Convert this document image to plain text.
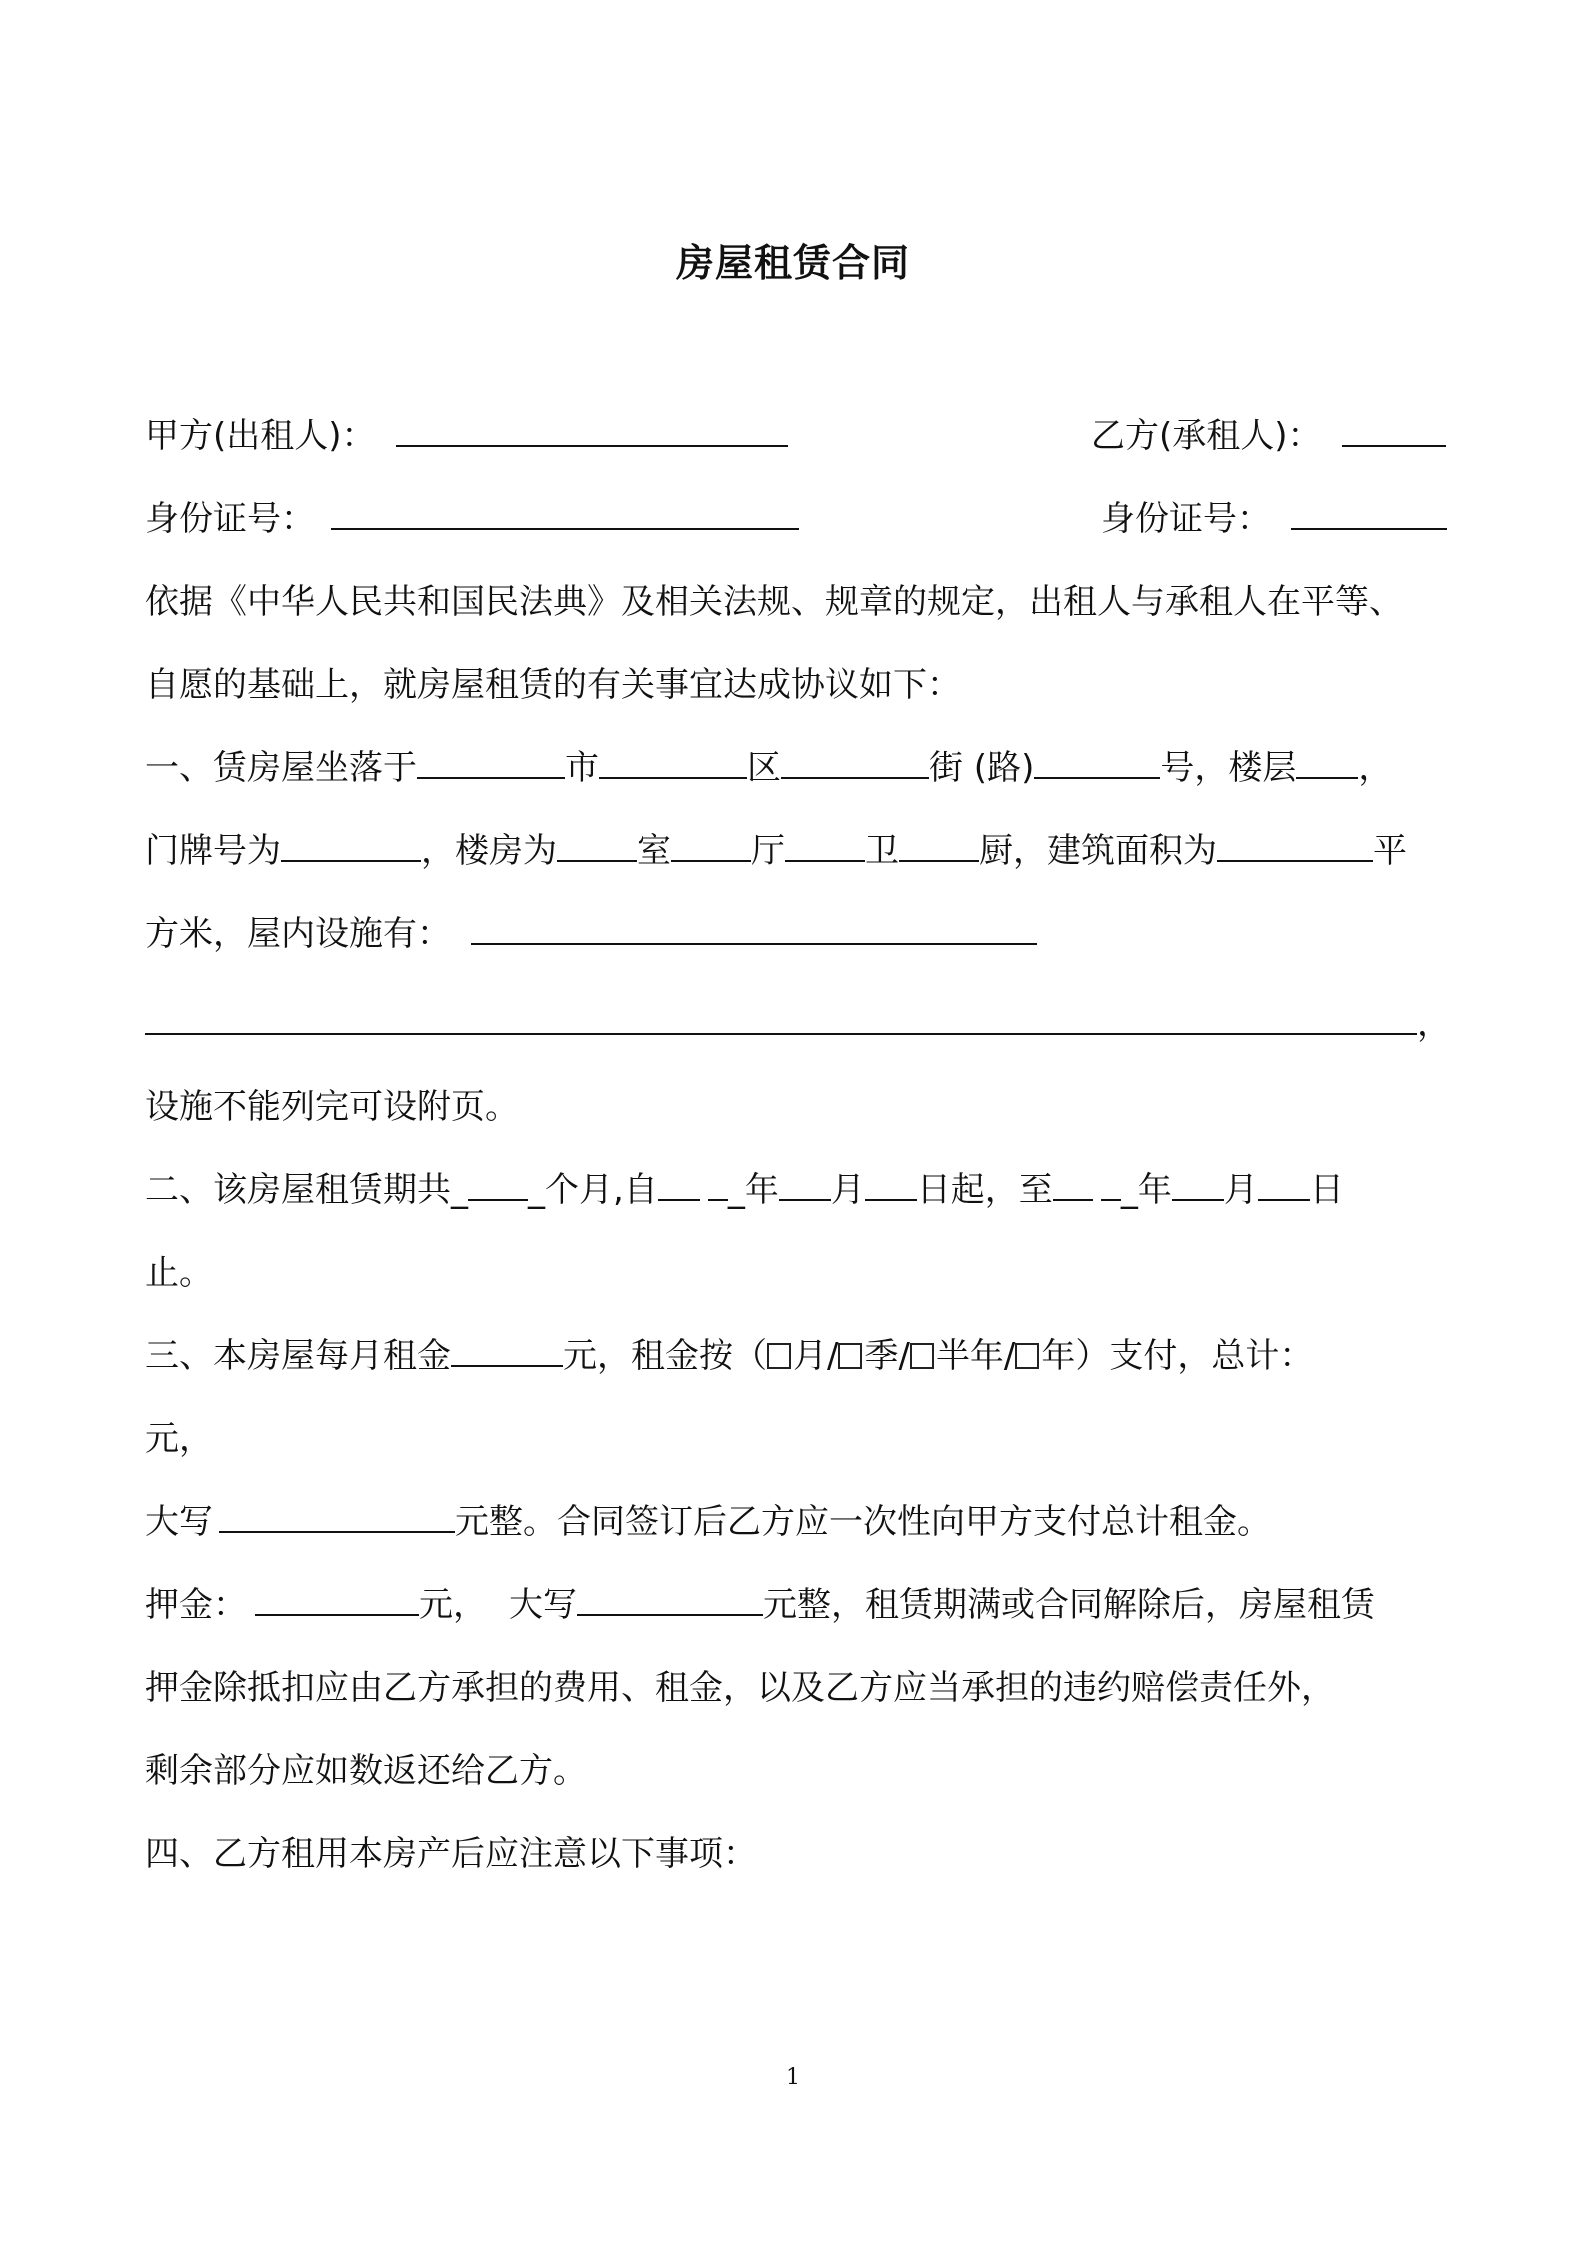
房屋租赁合同
甲方(出租人)：	乙方(承租人)：
身份证号：	身份证号：
依据《中华人民共和国民法典》及相关法规、规章的规定，出租人与承租人在平等、
自愿的基础上，就房屋租赁的有关事宜达成协议如下：
一、赁房屋坐落于	市	区	街 (路)	号，楼层 ，
门牌号为	，楼房为 室 厅 卫 厨，建筑面积为	平
方米，屋内设施有：
，
设施不能列完可设附页。
二、该房屋租赁期共_ _个月,自 _年 月 日起，至 _年 月 日
止。
三、本房屋每月租金	元，租金按（ 月/ 季/ 半年/ 年）支付，总计：
元，
大写	元整。合同签订后乙方应一次性向甲方支付总计租金。
押金：	元， 大写	元整，租赁期满或合同解除后，房屋租赁
押金除抵扣应由乙方承担的费用、租金，以及乙方应当承担的违约赔偿责任外，
剩余部分应如数返还给乙方。
四、乙方租用本房产后应注意以下事项：
1
